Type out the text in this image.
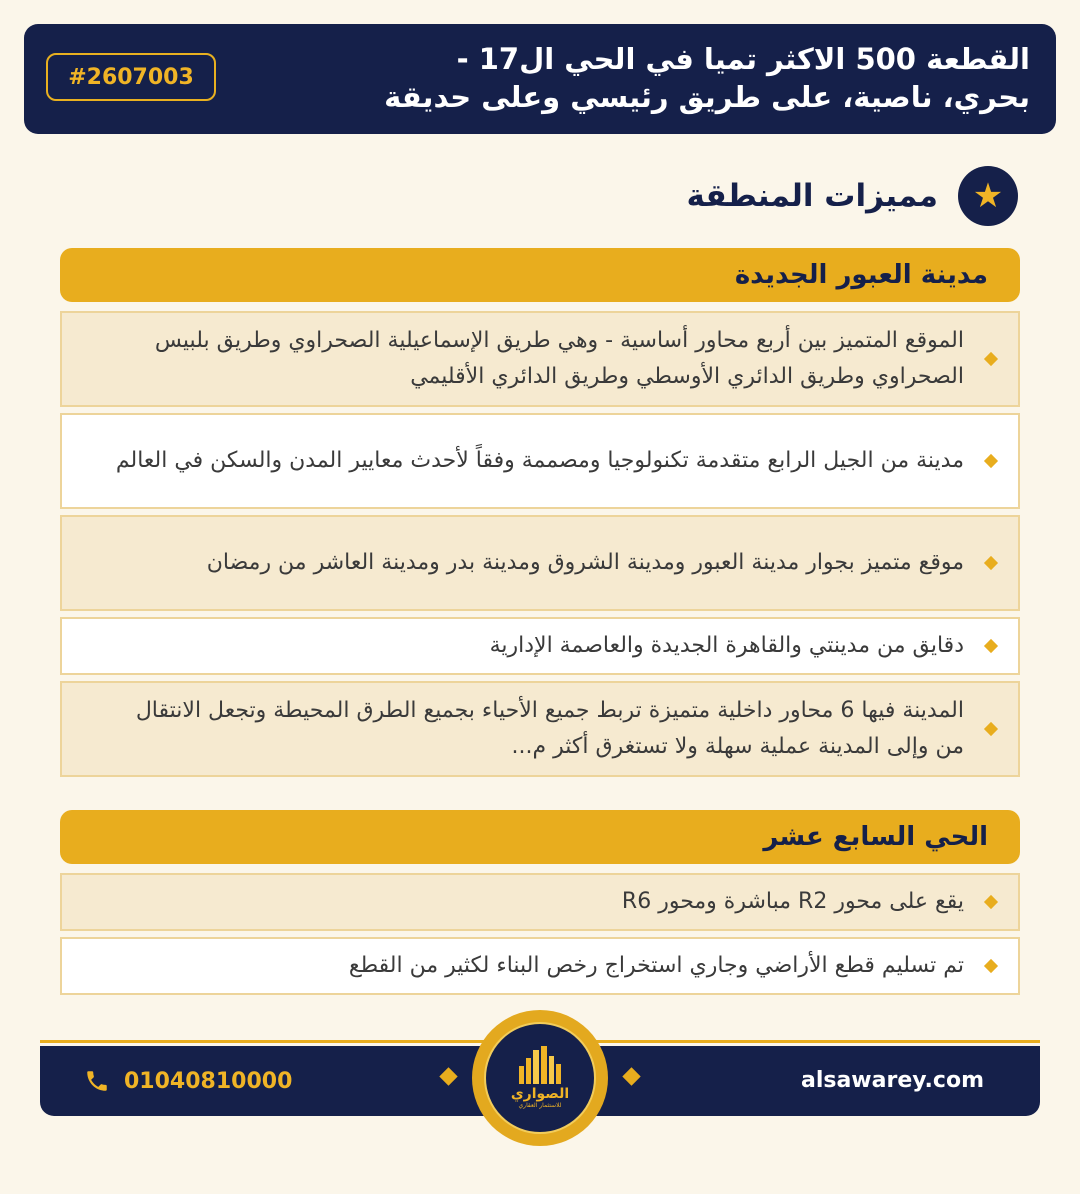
#2607003
القطعة 500 الاكثر تميا في الحي ال17 -
بحري، ناصية، على طريق رئيسي وعلى حديقة
★
مميزات المنطقة
مدينة العبور الجديدة
الموقع المتميز بين أربع محاور أساسية - وهي طريق الإسماعيلية الصحراوي وطريق بلبيس الصحراوي وطريق الدائري الأوسطي وطريق الدائري الأقليمي
مدينة من الجيل الرابع متقدمة تكنولوجيا ومصممة وفقاً لأحدث معايير المدن والسكن في العالم
موقع متميز بجوار مدينة العبور ومدينة الشروق ومدينة بدر ومدينة العاشر من رمضان
دقايق من مدينتي والقاهرة الجديدة والعاصمة الإدارية
المدينة فيها 6 محاور داخلية متميزة تربط جميع الأحياء بجميع الطرق المحيطة وتجعل الانتقال من وإلى المدينة عملية سهلة ولا تستغرق أكثر م...
الحي السابع عشر
يقع على محور R2 مباشرة ومحور R6
تم تسليم قطع الأراضي وجاري استخراج رخص البناء لكثير من القطع
01040810000	alsawarey.com
الصواري
للاستثمار العقاري
